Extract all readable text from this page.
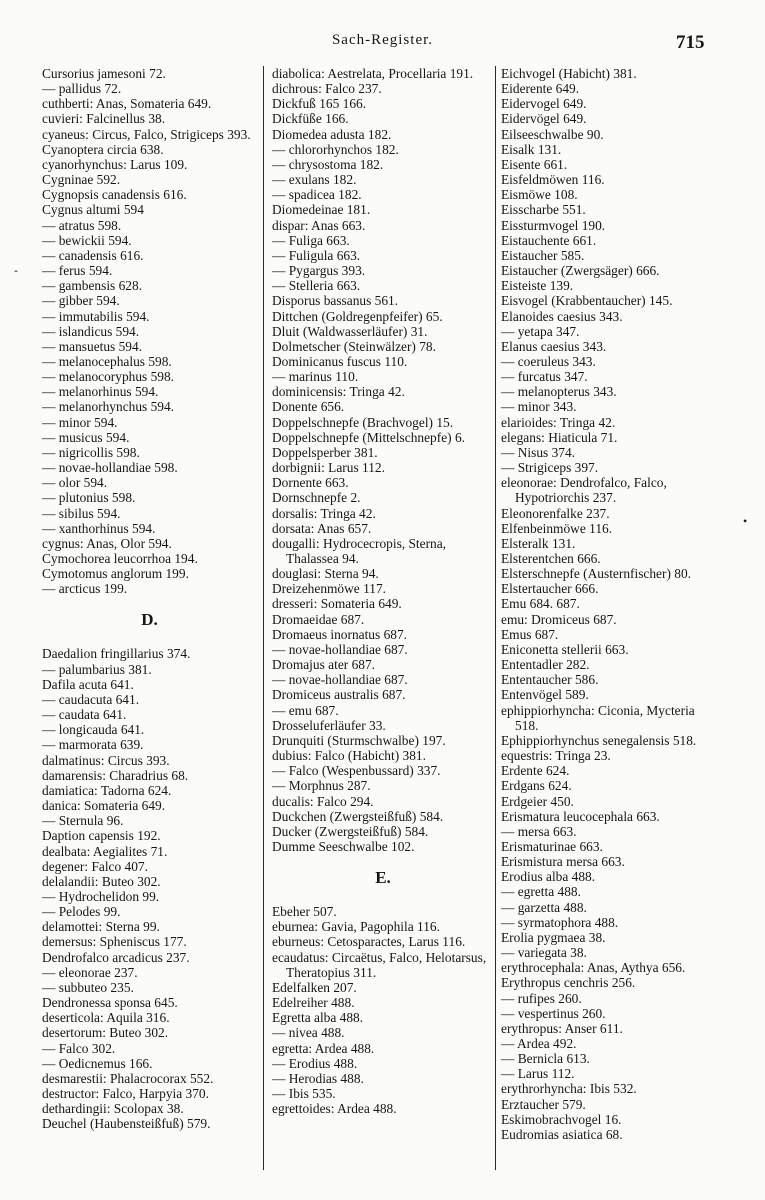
Sach-Register.	715
Cursorius jamesoni 72.
— pallidus 72.
cuthberti: Anas, Somateria 649.
cuvieri: Falcinellus 38.
cyaneus: Circus, Falco, Strigiceps 393.
Cyanoptera circia 638.
cyanorhynchus: Larus 109.
Cygninae 592.
Cygnopsis canadensis 616.
Cygnus altumi 594
— atratus 598.
— bewickii 594.
— canadensis 616.
— ferus 594.
— gambensis 628.
— gibber 594.
— immutabilis 594.
— islandicus 594.
— mansuetus 594.
— melanocephalus 598.
— melanocoryphus 598.
— melanorhinus 594.
— melanorhynchus 594.
— minor 594.
— musicus 594.
— nigricollis 598.
— novae-hollandiae 598.
— olor 594.
— plutonius 598.
— sibilus 594.
— xanthorhinus 594.
cygnus: Anas, Olor 594.
Cymochorea leucorrhoa 194.
Cymotomus anglorum 199.
— arcticus 199.
D.
Daedalion fringillarius 374.
— palumbarius 381.
Dafila acuta 641.
— caudacuta 641.
— caudata 641.
— longicauda 641.
— marmorata 639.
dalmatinus: Circus 393.
damarensis: Charadrius 68.
damiatica: Tadorna 624.
danica: Somateria 649.
— Sternula 96.
Daption capensis 192.
dealbata: Aegialites 71.
degener: Falco 407.
delalandii: Buteo 302.
— Hydrochelidon 99.
— Pelodes 99.
delamottei: Sterna 99.
demersus: Spheniscus 177.
Dendrofalco arcadicus 237.
— eleonorae 237.
— subbuteo 235.
Dendronessa sponsa 645.
deserticola: Aquila 316.
desertorum: Buteo 302.
— Falco 302.
— Oedicnemus 166.
desmarestii: Phalacrocorax 552.
destructor: Falco, Harpyia 370.
dethardingii: Scolopax 38.
Deuchel (Haubensteißfuß) 579.
diabolica: Aestrelata, Procellaria 191.
dichrous: Falco 237.
Dickfuß 165 166.
Dickfüße 166.
Diomedea adusta 182.
— chlororhynchos 182.
— chrysostoma 182.
— exulans 182.
— spadicea 182.
Diomedeinae 181.
dispar: Anas 663.
— Fuliga 663.
— Fuligula 663.
— Pygargus 393.
— Stelleria 663.
Disporus bassanus 561.
Dittchen (Goldregenpfeifer) 65.
Dluit (Waldwasserläufer) 31.
Dolmetscher (Steinwälzer) 78.
Dominicanus fuscus 110.
— marinus 110.
dominicensis: Tringa 42.
Donente 656.
Doppelschnepfe (Brachvogel) 15.
Doppelschnepfe (Mittelschnepfe) 6.
Doppelsperber 381.
dorbignii: Larus 112.
Dornente 663.
Dornschnepfe 2.
dorsalis: Tringa 42.
dorsata: Anas 657.
dougalli: Hydrocecropis, Sterna, Thalassea 94.
douglasi: Sterna 94.
Dreizehenmöwe 117.
dresseri: Somateria 649.
Dromaeidae 687.
Dromaeus inornatus 687.
— novae-hollandiae 687.
Dromajus ater 687.
— novae-hollandiae 687.
Dromiceus australis 687.
— emu 687.
Drosseluferläufer 33.
Drunquiti (Sturmschwalbe) 197.
dubius: Falco (Habicht) 381.
— Falco (Wespenbussard) 337.
— Morphnus 287.
ducalis: Falco 294.
Duckchen (Zwergsteißfuß) 584.
Ducker (Zwergsteißfuß) 584.
Dumme Seeschwalbe 102.
E.
Ebeher 507.
eburnea: Gavia, Pagophila 116.
eburneus: Cetosparactes, Larus 116.
ecaudatus: Circaëtus, Falco, Helotarsus, Theratopius 311.
Edelfalken 207.
Edelreiher 488.
Egretta alba 488.
— nivea 488.
egretta: Ardea 488.
— Erodius 488.
— Herodias 488.
— Ibis 535.
egrettoides: Ardea 488.
Eichvogel (Habicht) 381.
Eiderente 649.
Eidervogel 649.
Eidervögel 649.
Eilseeschwalbe 90.
Eisalk 131.
Eisente 661.
Eisfeldmöwen 116.
Eismöwe 108.
Eisscharbe 551.
Eissturmvogel 190.
Eistauchente 661.
Eistaucher 585.
Eistaucher (Zwergsäger) 666.
Eisteiste 139.
Eisvogel (Krabbentaucher) 145.
Elanoides caesius 343.
— yetapa 347.
Elanus caesius 343.
— coeruleus 343.
— furcatus 347.
— melanopterus 343.
— minor 343.
elarioides: Tringa 42.
elegans: Hiaticula 71.
— Nisus 374.
— Strigiceps 397.
eleonorae: Dendrofalco, Falco, Hypotriorchis 237.
Eleonorenfalke 237.
Elfenbeinmöwe 116.
Elsteralk 131.
Elsterentchen 666.
Elsterschnepfe (Austernfischer) 80.
Elstertaucher 666.
Emu 684. 687.
emu: Dromiceus 687.
Emus 687.
Eniconetta stellerii 663.
Ententadler 282.
Ententaucher 586.
Entenvögel 589.
ephippiorhyncha: Ciconia, Mycteria 518.
Ephippiorhynchus senegalensis 518.
equestris: Tringa 23.
Erdente 624.
Erdgans 624.
Erdgeier 450.
Erismatura leucocephala 663.
— mersa 663.
Erismaturinae 663.
Erismistura mersa 663.
Erodius alba 488.
— egretta 488.
— garzetta 488.
— syrmatophora 488.
Erolia pygmaea 38.
— variegata 38.
erythrocephala: Anas, Aythya 656.
Erythropus cenchris 256.
— rufipes 260.
— vespertinus 260.
erythropus: Anser 611.
— Ardea 492.
— Bernicla 613.
— Larus 112.
erythrorhyncha: Ibis 532.
Erztaucher 579.
Eskimobrachvogel 16.
Eudromias asiatica 68.
-
•
